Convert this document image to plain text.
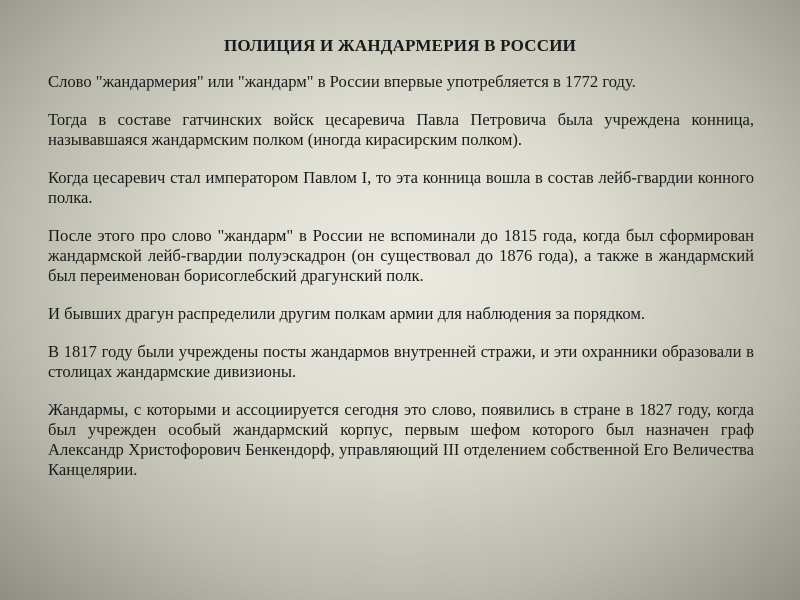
ПОЛИЦИЯ И ЖАНДАРМЕРИЯ В РОССИИ

Слово "жандармерия" или "жандарм" в России впервые употребляется в 1772 году.

Тогда в составе гатчинских войск цесаревича Павла Петровича была учреждена конница, называвшаяся жандармским полком (иногда кирасирским полком).

Когда цесаревич стал императором Павлом I, то эта конница вошла в состав лейб-гвардии конного полка.

После этого про слово "жандарм" в России не вспоминали до 1815 года, когда был сформирован жандармской лейб-гвардии полуэскадрон (он существовал до 1876 года), а также в жандармский был переименован борисоглебский драгунский полк.

И бывших драгун распределили другим полкам армии для наблюдения за порядком.

В 1817 году были учреждены посты жандармов внутренней стражи, и эти охранники образовали в столицах жандармские дивизионы.

Жандармы, с которыми и ассоциируется сегодня это слово, появились в стране в 1827 году, когда был учрежден особый жандармский корпус, первым шефом которого был назначен граф Александр Христофорович Бенкендорф, управляющий III отделением собственной Его Величества Канцелярии.
